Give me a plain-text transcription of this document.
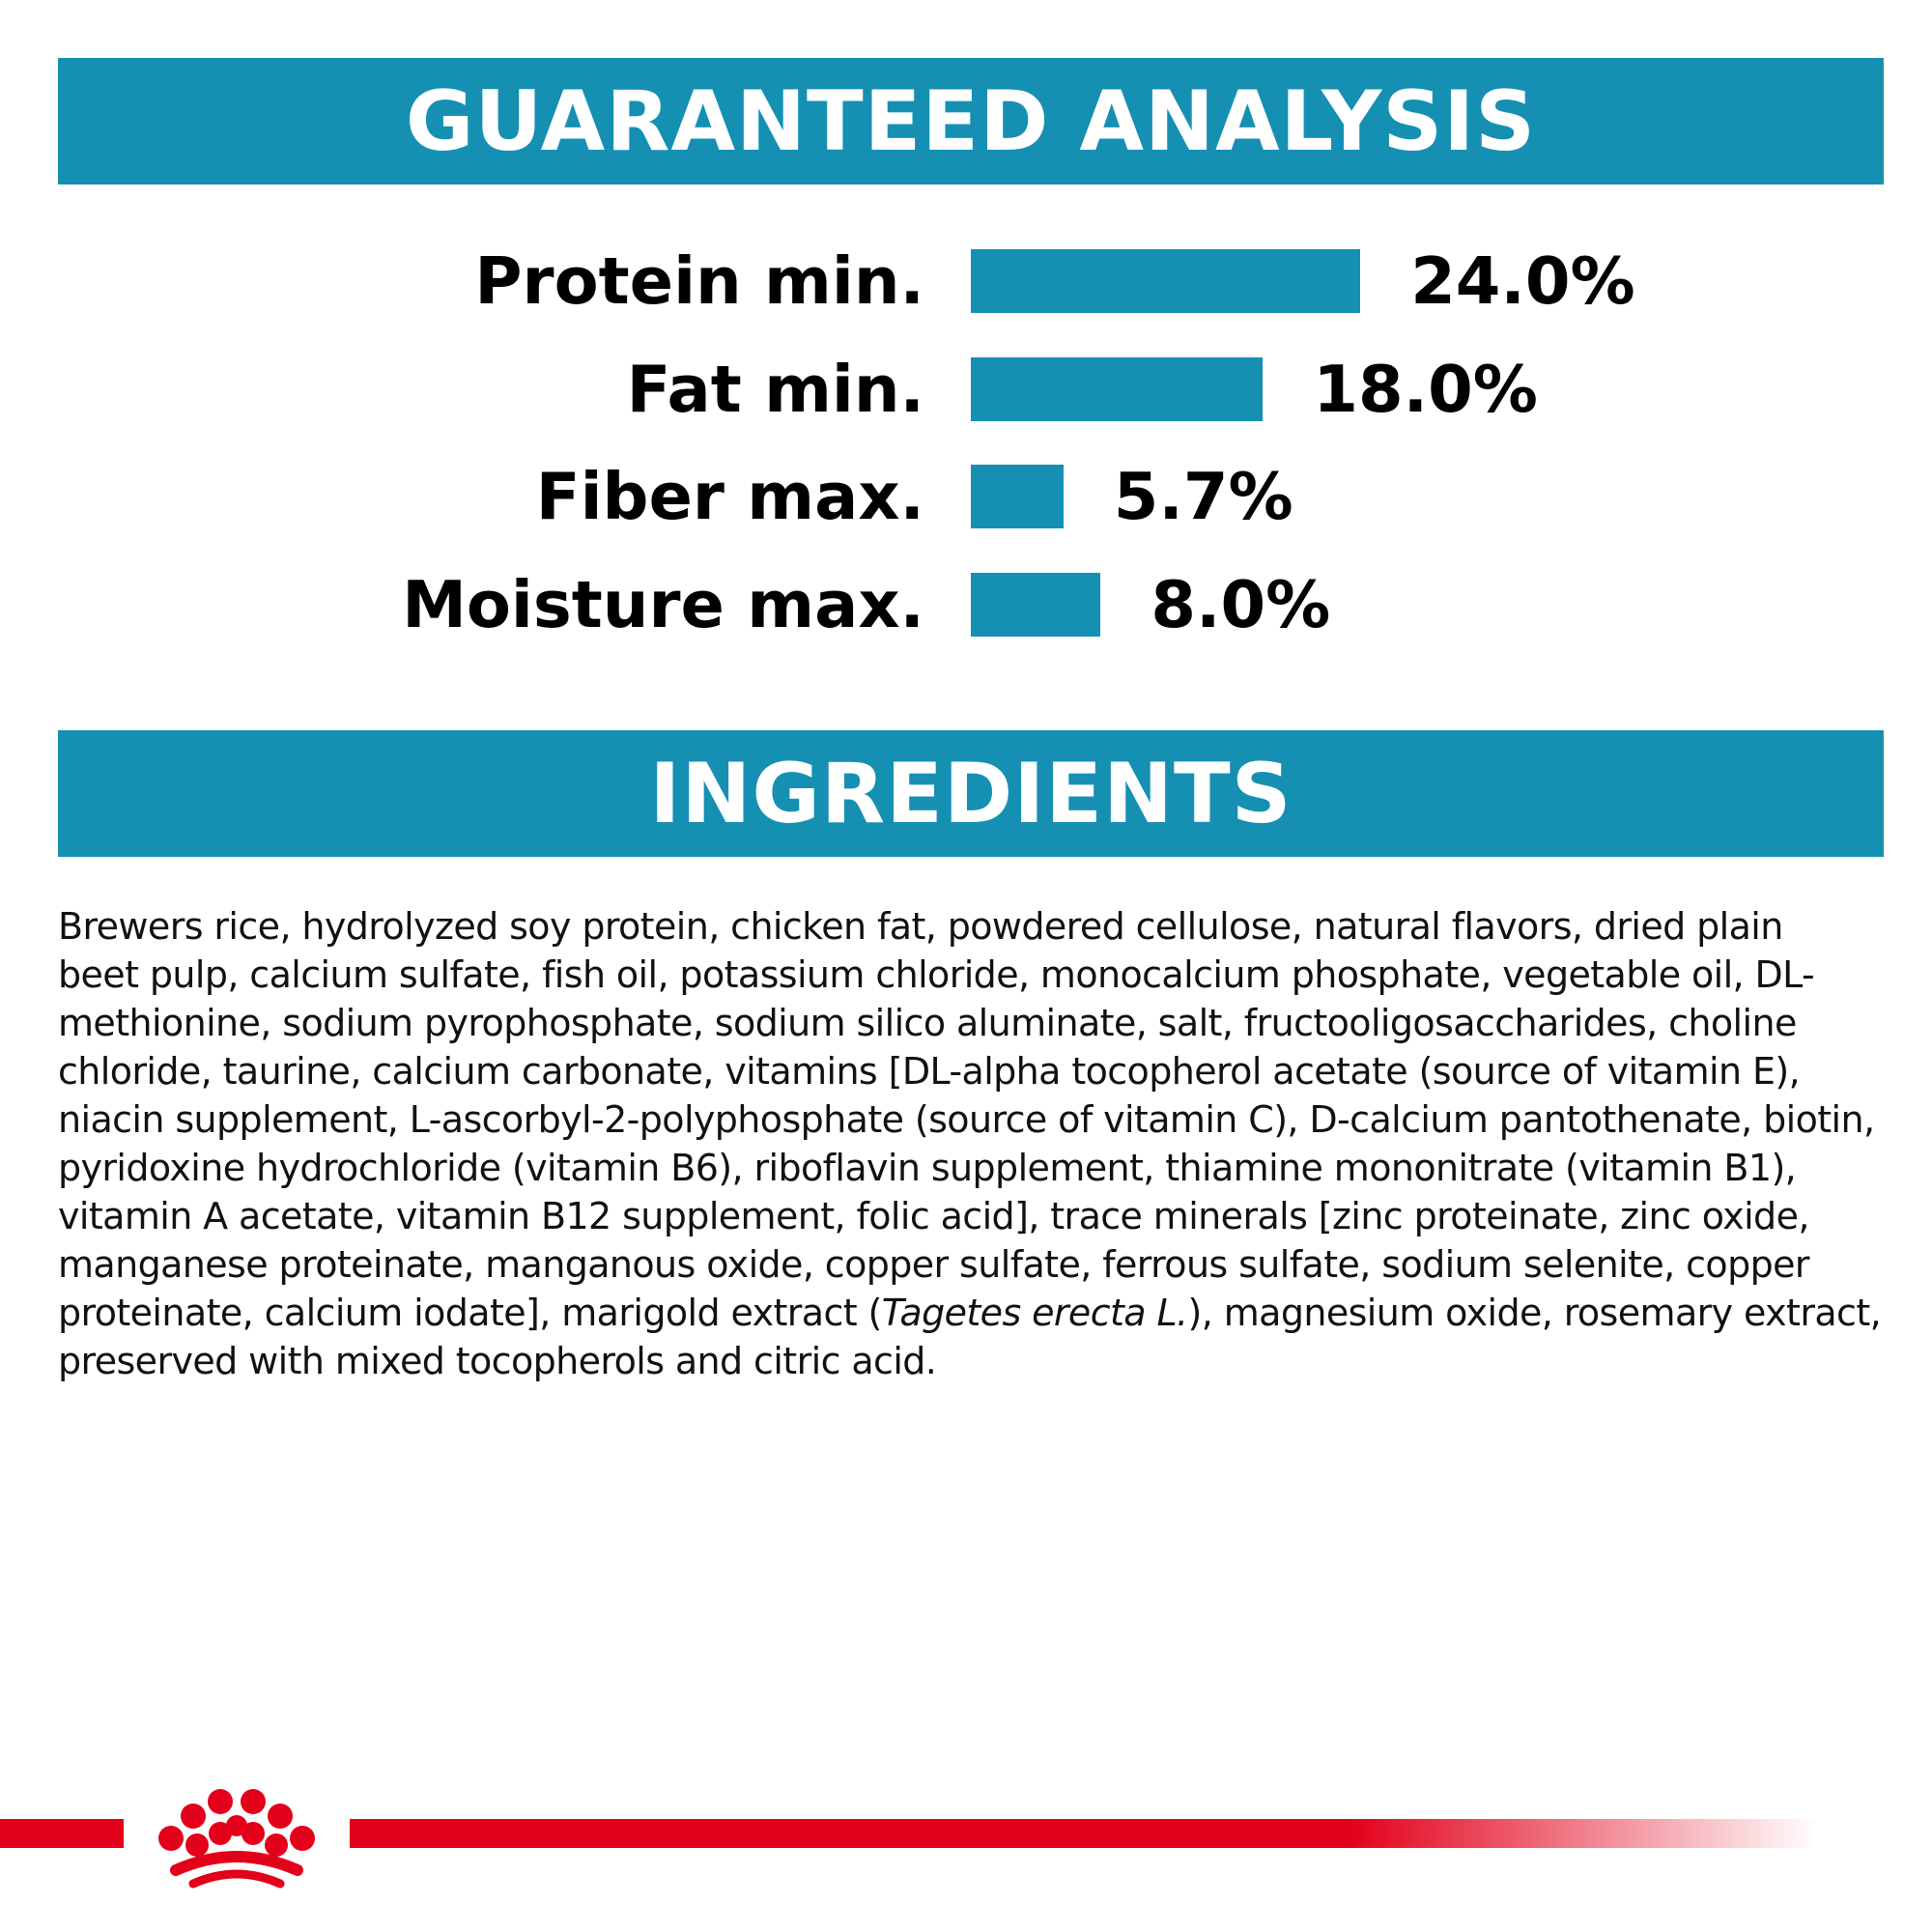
GUARANTEED ANALYSIS
Protein min.	24.0%
Fat min.	18.0%
Fiber max.	5.7%
Moisture max.	8.0%
INGREDIENTS
Brewers rice, hydrolyzed soy protein, chicken fat, powdered cellulose, natural flavors, dried plain
beet pulp, calcium sulfate, fish oil, potassium chloride, monocalcium phosphate, vegetable oil, DL-
methionine, sodium pyrophosphate, sodium silico aluminate, salt, fructooligosaccharides, choline
chloride, taurine, calcium carbonate, vitamins [DL-alpha tocopherol acetate (source of vitamin E),
niacin supplement, L-ascorbyl-2-polyphosphate (source of vitamin C), D-calcium pantothenate, biotin,
pyridoxine hydrochloride (vitamin B6), riboflavin supplement, thiamine mononitrate (vitamin B1),
vitamin A acetate, vitamin B12 supplement, folic acid], trace minerals [zinc proteinate, zinc oxide,
manganese proteinate, manganous oxide, copper sulfate, ferrous sulfate, sodium selenite, copper
proteinate, calcium iodate], marigold extract (Tagetes erecta L.), magnesium oxide, rosemary extract,
preserved with mixed tocopherols and citric acid.
